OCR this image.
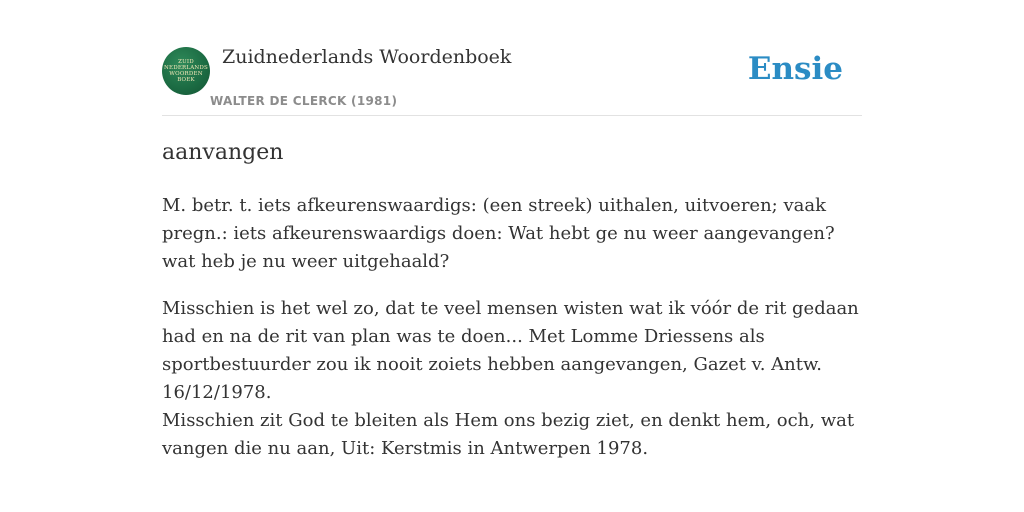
ZUID
NEDERLANDS
WOORDEN
BOEK
Zuidnederlands Woordenboek
WALTER DE CLERCK (1981)
Ensie
aanvangen

M. betr. t. iets afkeurenswaardigs: (een streek) uithalen, uitvoeren; vaak pregn.: iets afkeurenswaardigs doen: Wat hebt ge nu weer aangevangen? wat heb je nu weer uitgehaald?

Misschien is het wel zo, dat te veel mensen wisten wat ik vóór de rit gedaan had en na de rit van plan was te doen... Met Lomme Driessens als sportbestuurder zou ik nooit zoiets hebben aangevangen, Gazet v. Antw. 16/12/1978.

Misschien zit God te bleiten als Hem ons bezig ziet, en denkt hem, och, wat vangen die nu aan, Uit: Kerstmis in Antwerpen 1978.
